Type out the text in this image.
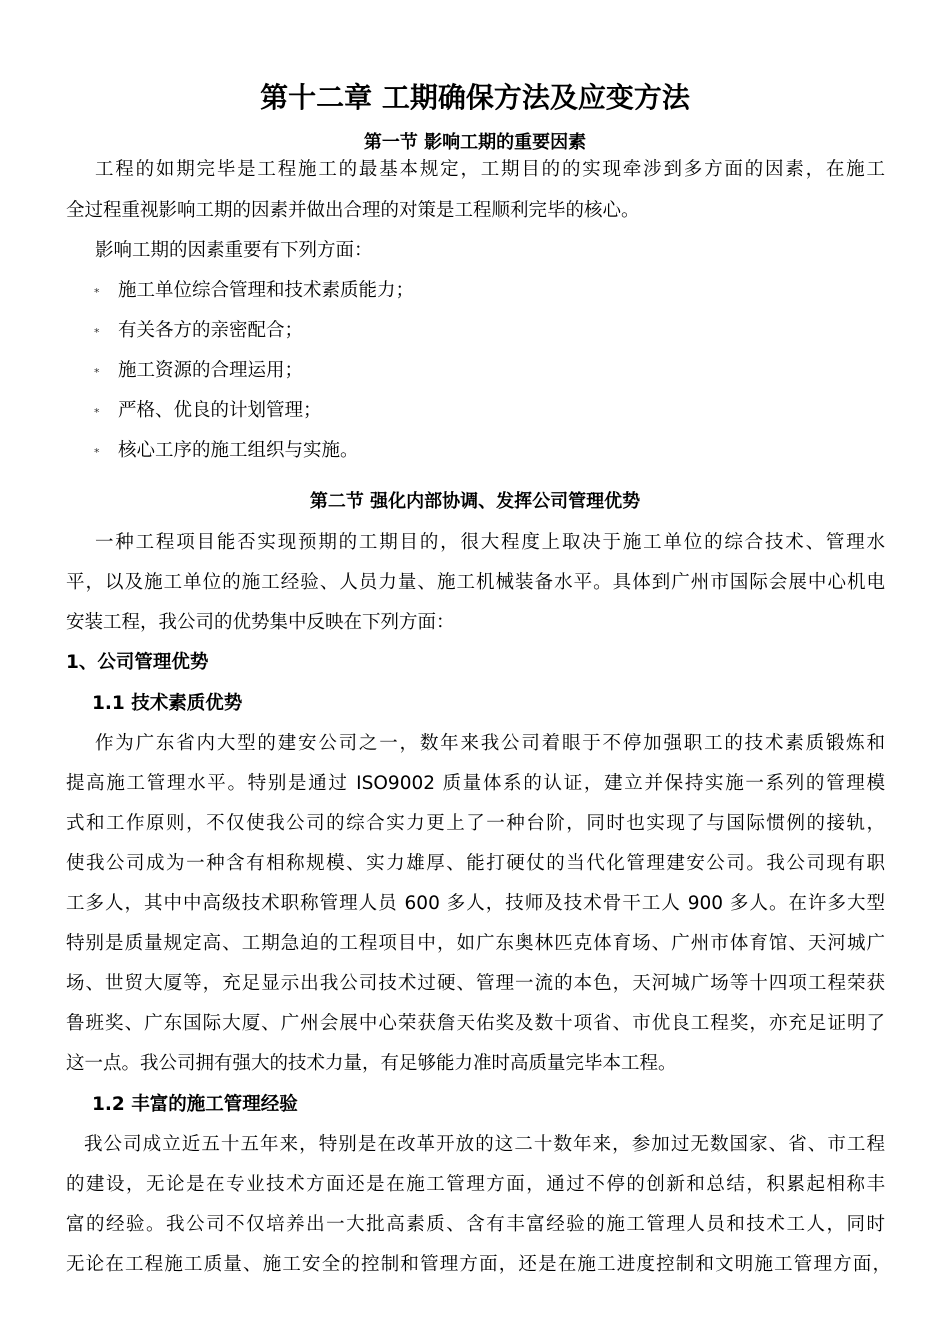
第十二章 工期确保方法及应变方法
第一节 影响工期的重要因素
工程的如期完毕是工程施工的最基本规定，工期目的的实现牵涉到多方面的因素，在施工
全过程重视影响工期的因素并做出合理的对策是工程顺利完毕的核心。
影响工期的因素重要有下列方面：
* 施工单位综合管理和技术素质能力；
* 有关各方的亲密配合；
* 施工资源的合理运用；
* 严格、优良的计划管理；
* 核心工序的施工组织与实施。
第二节 强化内部协调、发挥公司管理优势
一种工程项目能否实现预期的工期目的，很大程度上取决于施工单位的综合技术、管理水
平，以及施工单位的施工经验、人员力量、施工机械装备水平。具体到广州市国际会展中心机电
安装工程，我公司的优势集中反映在下列方面：
1、公司管理优势
1.1 技术素质优势
作为广东省内大型的建安公司之一，数年来我公司着眼于不停加强职工的技术素质锻炼和
提高施工管理水平。特别是通过 ISO9002 质量体系的认证，建立并保持实施一系列的管理模
式和工作原则，不仅使我公司的综合实力更上了一种台阶，同时也实现了与国际惯例的接轨，
使我公司成为一种含有相称规模、实力雄厚、能打硬仗的当代化管理建安公司。我公司现有职
工多人，其中中高级技术职称管理人员 600 多人，技师及技术骨干工人 900 多人。在许多大型
特别是质量规定高、工期急迫的工程项目中，如广东奥林匹克体育场、广州市体育馆、天河城广
场、世贸大厦等，充足显示出我公司技术过硬、管理一流的本色，天河城广场等十四项工程荣获
鲁班奖、广东国际大厦、广州会展中心荣获詹天佑奖及数十项省、市优良工程奖，亦充足证明了
这一点。我公司拥有强大的技术力量，有足够能力准时高质量完毕本工程。
1.2 丰富的施工管理经验
我公司成立近五十五年来，特别是在改革开放的这二十数年来，参加过无数国家、省、市工程
的建设，无论是在专业技术方面还是在施工管理方面，通过不停的创新和总结，积累起相称丰
富的经验。我公司不仅培养出一大批高素质、含有丰富经验的施工管理人员和技术工人，同时
无论在工程施工质量、施工安全的控制和管理方面，还是在施工进度控制和文明施工管理方面，
